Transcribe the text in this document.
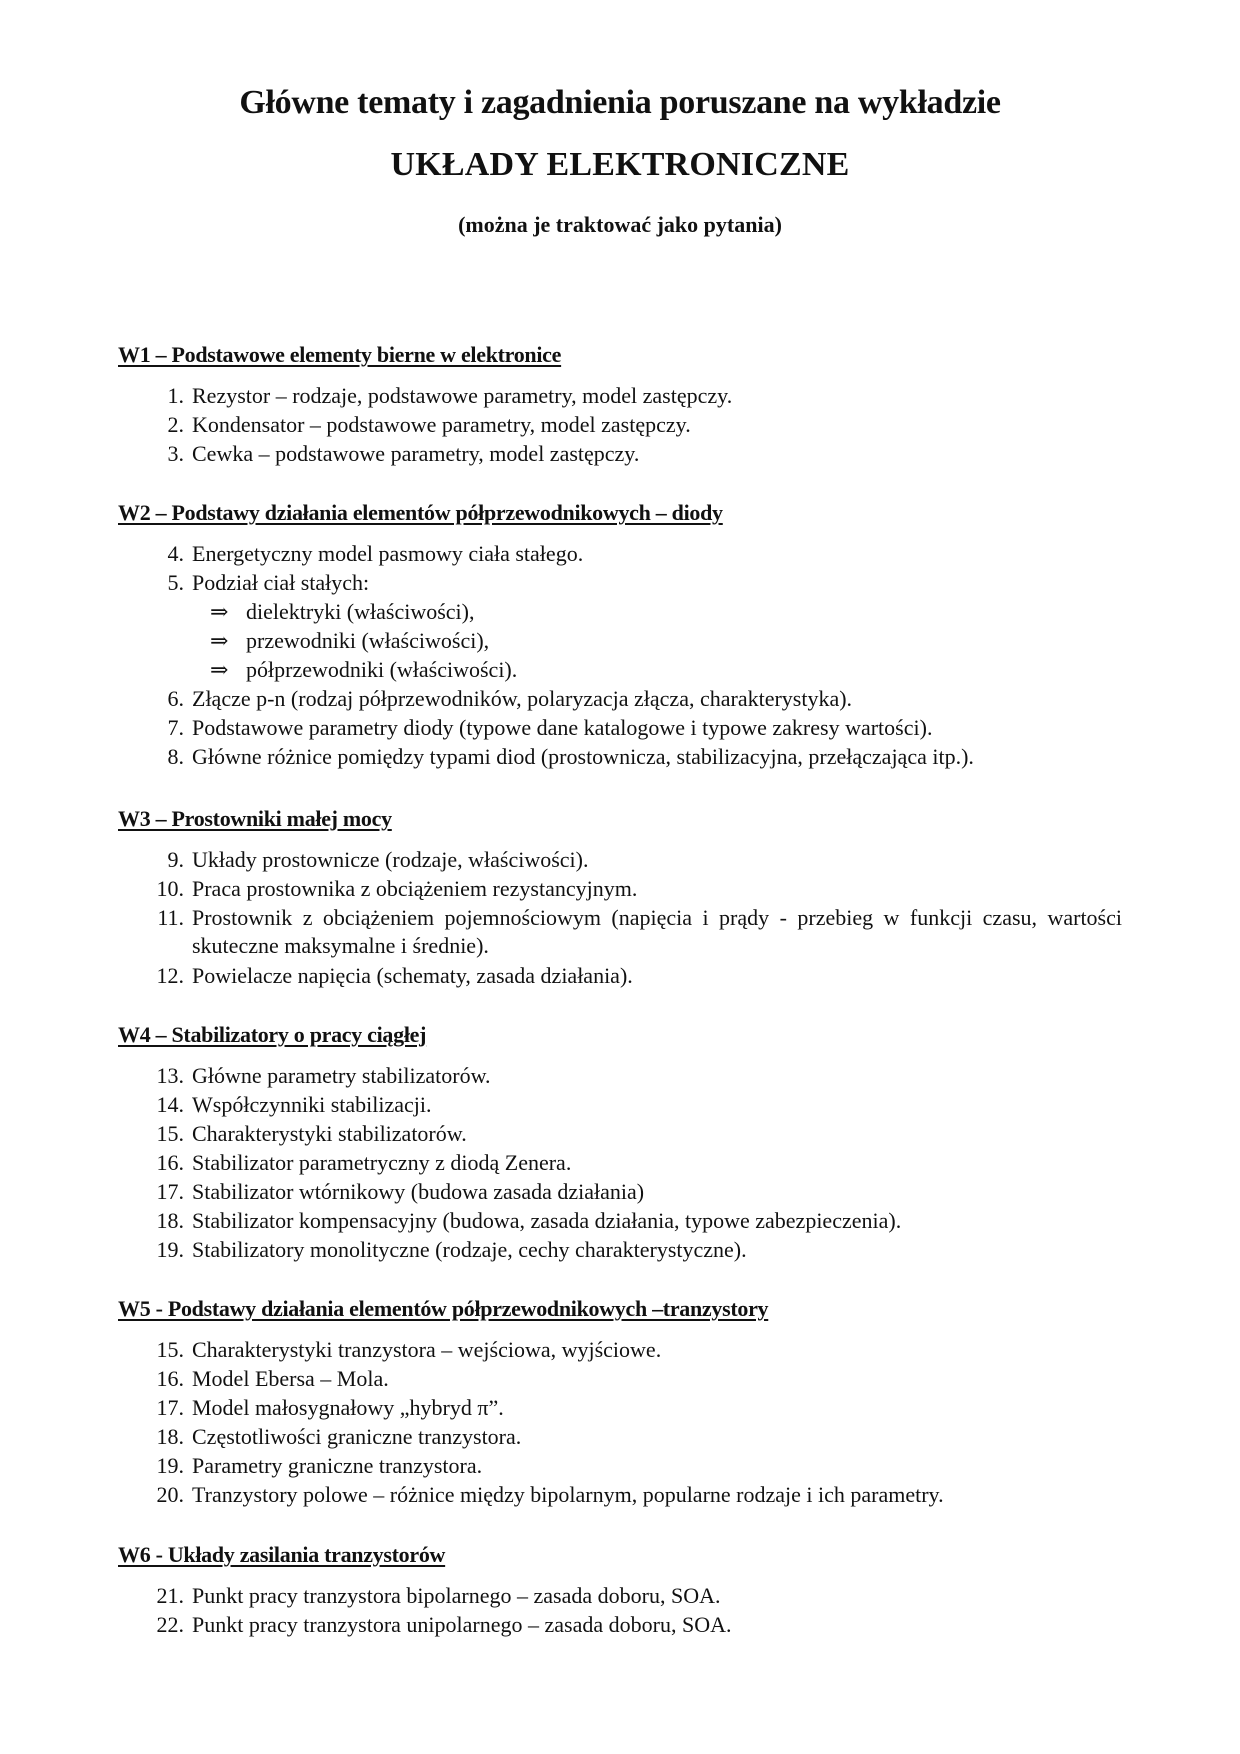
Główne tematy i zagadnienia poruszane na wykładzie
UKŁADY ELEKTRONICZNE
(można je traktować jako pytania)
W1 – Podstawowe elementy bierne w elektronice
1. Rezystor – rodzaje, podstawowe parametry, model zastępczy.
2. Kondensator – podstawowe parametry, model zastępczy.
3. Cewka – podstawowe parametry, model zastępczy.
W2 – Podstawy działania elementów półprzewodnikowych – diody
4. Energetyczny model pasmowy ciała stałego.
5. Podział ciał stałych:
⇒ dielektryki (właściwości),
⇒ przewodniki (właściwości),
⇒ półprzewodniki (właściwości).
6. Złącze p-n (rodzaj półprzewodników, polaryzacja złącza, charakterystyka).
7. Podstawowe parametry diody (typowe dane katalogowe i typowe zakresy wartości).
8. Główne różnice pomiędzy typami diod (prostownicza, stabilizacyjna, przełączająca itp.).
W3 – Prostowniki małej mocy
9. Układy prostownicze (rodzaje, właściwości).
10. Praca prostownika z obciążeniem rezystancyjnym.
11. Prostownik z obciążeniem pojemnościowym (napięcia i prądy - przebieg w funkcji czasu, wartości skuteczne maksymalne i średnie).
12. Powielacze napięcia (schematy, zasada działania).
W4 – Stabilizatory o pracy ciągłej
13. Główne parametry stabilizatorów.
14. Współczynniki stabilizacji.
15. Charakterystyki stabilizatorów.
16. Stabilizator parametryczny z diodą Zenera.
17. Stabilizator wtórnikowy (budowa zasada działania)
18. Stabilizator kompensacyjny (budowa, zasada działania, typowe zabezpieczenia).
19. Stabilizatory monolityczne (rodzaje, cechy charakterystyczne).
W5 - Podstawy działania elementów półprzewodnikowych –tranzystory
15. Charakterystyki tranzystora – wejściowa, wyjściowe.
16. Model Ebersa – Mola.
17. Model małosygnałowy „hybryd π”.
18. Częstotliwości graniczne tranzystora.
19. Parametry graniczne tranzystora.
20. Tranzystory polowe – różnice między bipolarnym, popularne rodzaje i ich parametry.
W6 - Układy zasilania tranzystorów
21. Punkt pracy tranzystora bipolarnego – zasada doboru, SOA.
22. Punkt pracy tranzystora unipolarnego – zasada doboru, SOA.
